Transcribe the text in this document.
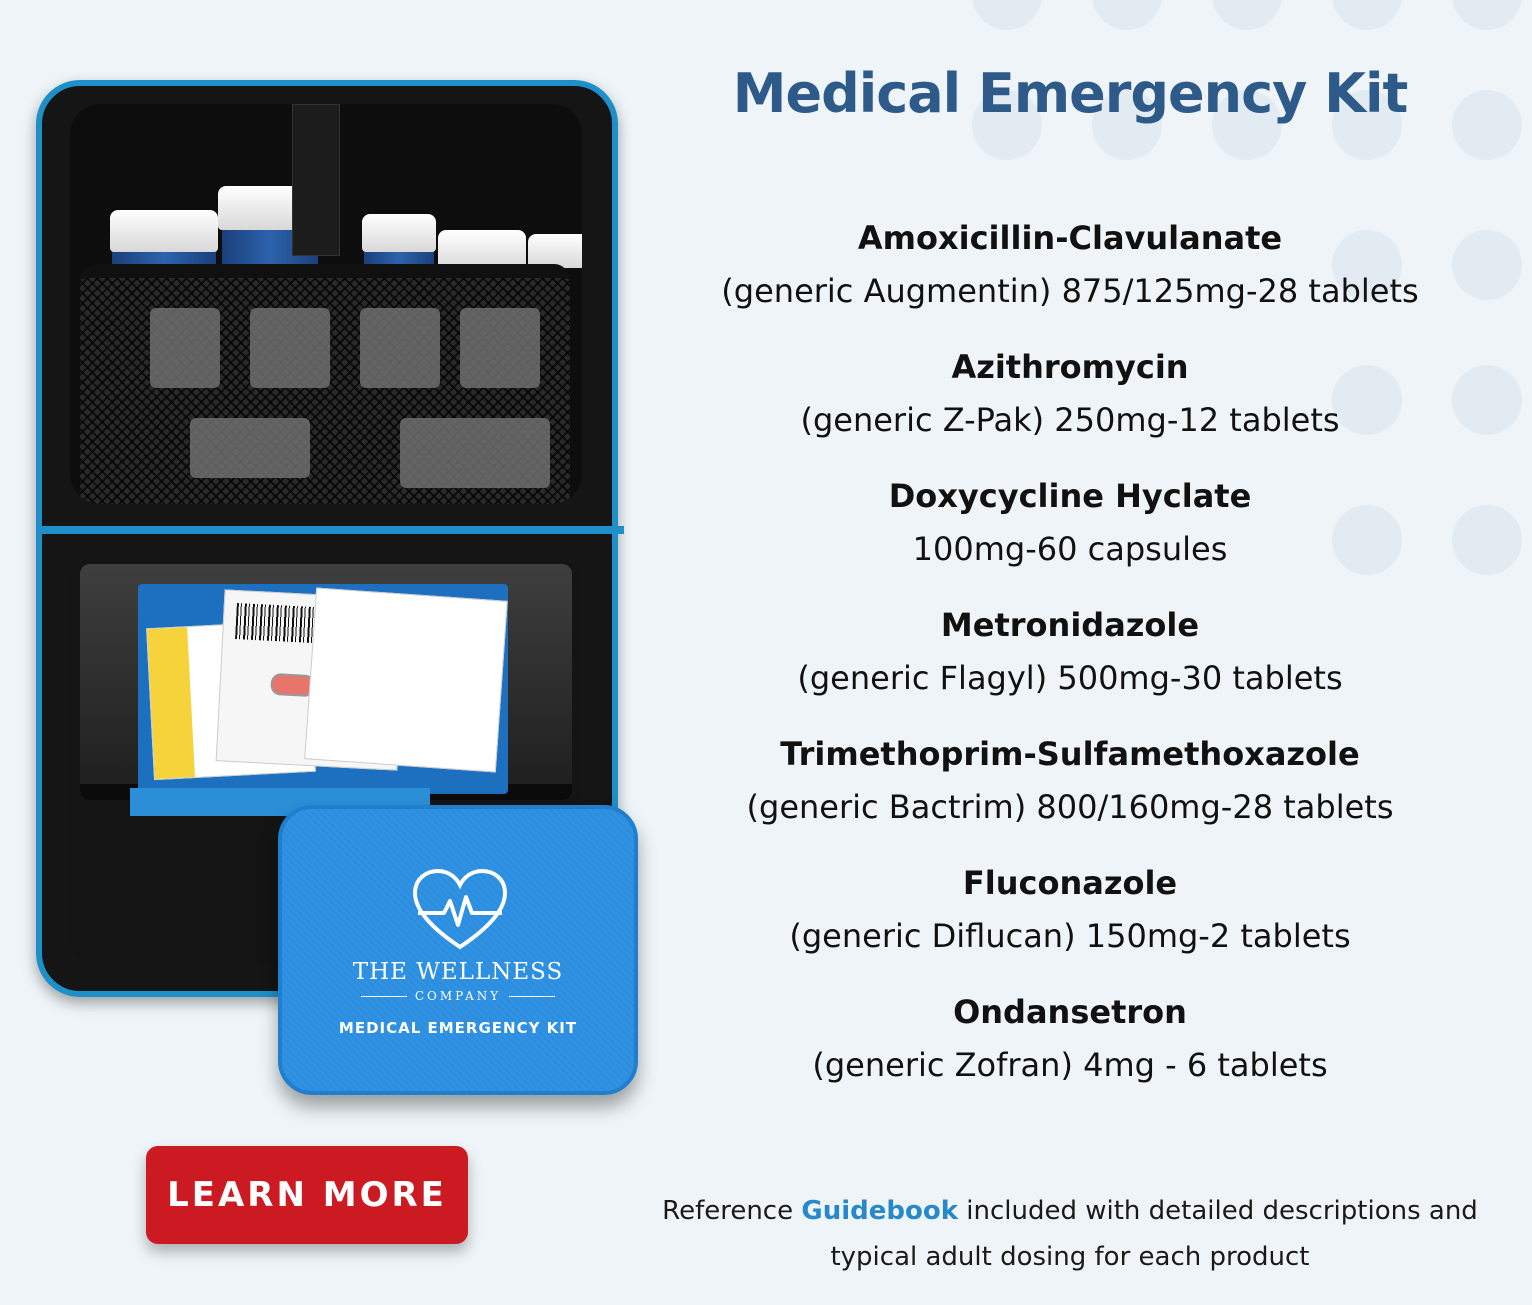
THE WELLNESS
COMPANY
MEDICAL EMERGENCY KIT
LEARN MORE
Medical Emergency Kit
Amoxicillin-Clavulanate
(generic Augmentin) 875/125mg-28 tablets
Azithromycin
(generic Z-Pak) 250mg-12 tablets
Doxycycline Hyclate
100mg-60 capsules
Metronidazole
(generic Flagyl) 500mg-30 tablets
Trimethoprim-Sulfamethoxazole
(generic Bactrim) 800/160mg-28 tablets
Fluconazole
(generic Diflucan) 150mg-2 tablets
Ondansetron
(generic Zofran) 4mg - 6 tablets

Reference Guidebook included with detailed descriptions and typical adult dosing for each product
